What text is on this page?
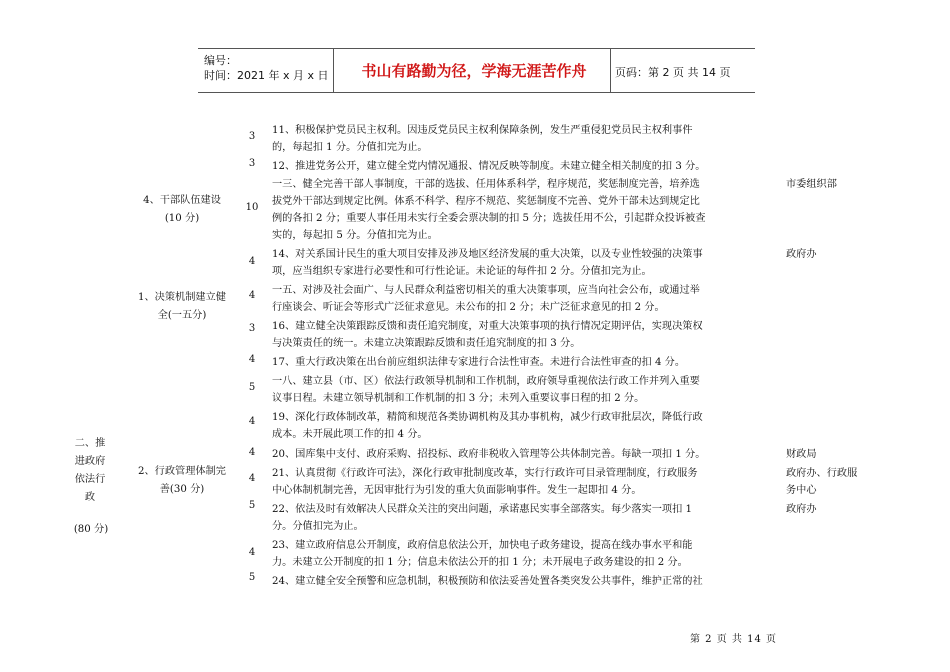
编号：
时间：2021 年 x 月 x 日	书山有路勤为径，学海无涯苦作舟	页码：第 2 页 共 14 页
二、推
进政府
依法行
政
(80 分)
4、干部队伍建设
(10 分)
1、决策机制建立健
全(一五分)
2、行政管理体制完
善(30 分)
3
3
10
4
4
3
4
5
4
4
4
5
4
5
11、积极保护党员民主权利。因违反党员民主权利保障条例，发生严重侵犯党员民主权利事件
的，每起扣 1 分。分值扣完为止。
12、推进党务公开，建立健全党内情况通报、情况反映等制度。未建立健全相关制度的扣 3 分。
一三、健全完善干部人事制度，干部的选拔、任用体系科学，程序规范，奖惩制度完善，培养选
拔党外干部达到规定比例。体系不科学、程序不规范、奖惩制度不完善、党外干部未达到规定比
例的各扣 2 分；重要人事任用未实行全委会票决制的扣 5 分；选拔任用不公，引起群众投诉被查
实的，每起扣 5 分。分值扣完为止。
14、对关系国计民生的重大项目安排及涉及地区经济发展的重大决策，以及专业性较强的决策事
项，应当组织专家进行必要性和可行性论证。未论证的每件扣 2 分。分值扣完为止。
一五、对涉及社会面广、与人民群众利益密切相关的重大决策事项，应当向社会公布，或通过举
行座谈会、听证会等形式广泛征求意见。未公布的扣 2 分；未广泛征求意见的扣 2 分。
16、建立健全决策跟踪反馈和责任追究制度，对重大决策事项的执行情况定期评估，实现决策权
与决策责任的统一。未建立决策跟踪反馈和责任追究制度的扣 3 分。
17、重大行政决策在出台前应组织法律专家进行合法性审查。未进行合法性审查的扣 4 分。
一八、建立县（市、区）依法行政领导机制和工作机制，政府领导重视依法行政工作并列入重要
议事日程。未建立领导机制和工作机制的扣 3 分；未列入重要议事日程的扣 2 分。
19、深化行政体制改革，精简和规范各类协调机构及其办事机构，减少行政审批层次，降低行政
成本。未开展此项工作的扣 4 分。
20、国库集中支付、政府采购、招投标、政府非税收入管理等公共体制完善。每缺一项扣 1 分。
21、认真贯彻《行政许可法》，深化行政审批制度改革，实行行政许可目录管理制度，行政服务
中心体制机制完善，无因审批行为引发的重大负面影响事件。发生一起即扣 4 分。
22、依法及时有效解决人民群众关注的突出问题，承诺惠民实事全部落实。每少落实一项扣 1
分。分值扣完为止。
23、建立政府信息公开制度，政府信息依法公开，加快电子政务建设，提高在线办事水平和能
力。未建立公开制度的扣 1 分；信息未依法公开的扣 1 分；未开展电子政务建设的扣 2 分。
24、建立健全安全预警和应急机制，积极预防和依法妥善处置各类突发公共事件，维护正常的社
市委组织部
政府办
财政局
政府办、行政服
务中心
政府办
第 2 页 共 14 页
